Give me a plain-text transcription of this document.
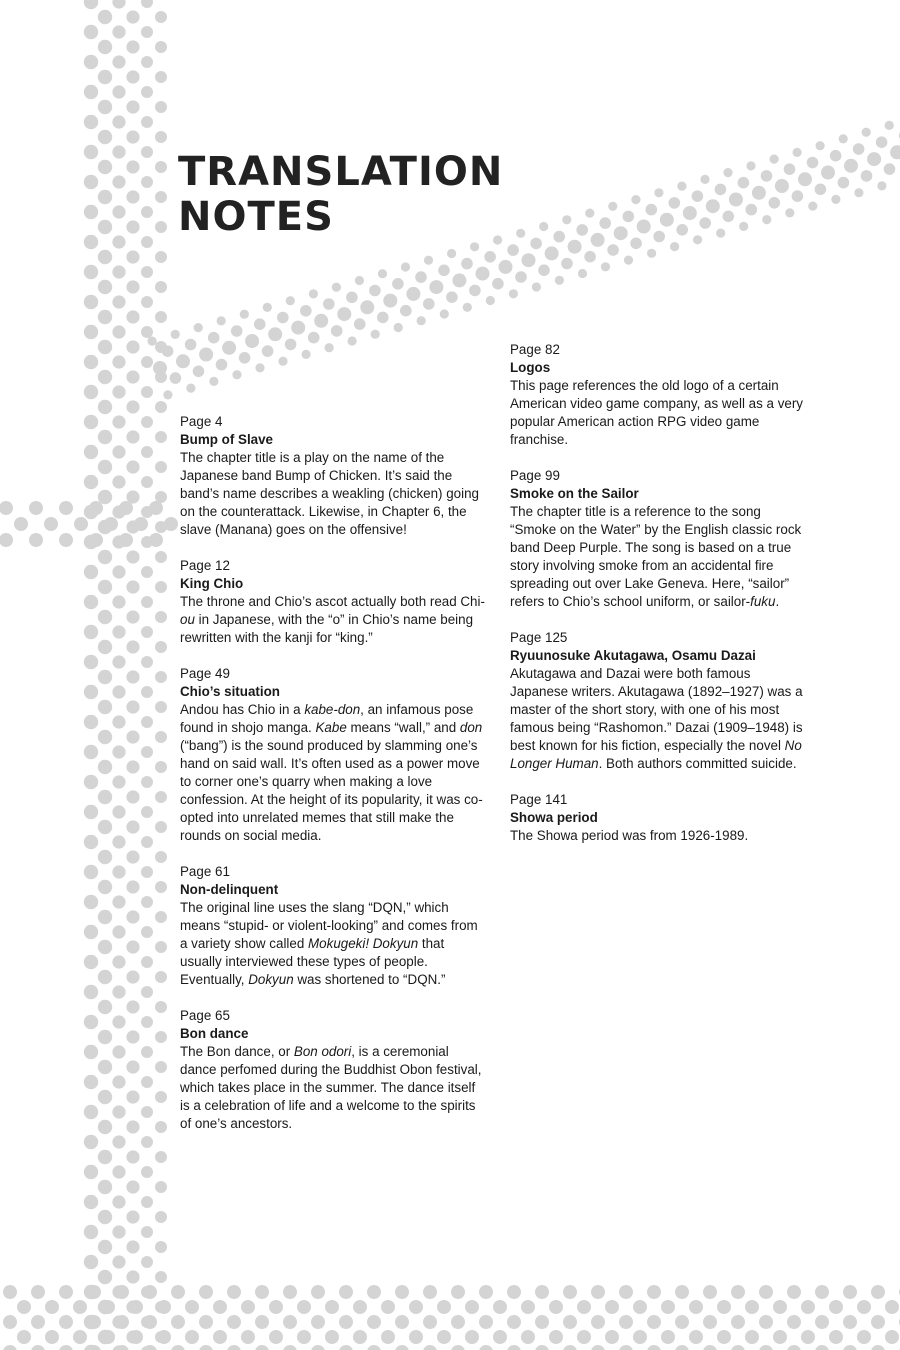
TRANSLATION
NOTES
Page 4
Bump of Slave
The chapter title is a play on the name of the Japanese band Bump of Chicken. It’s said the band’s name describes a weakling (chicken) going on the counterattack. Likewise, in Chapter 6, the slave (Manana) goes on the offensive!
Page 12
King Chio
The throne and Chio’s ascot actually both read Chi-ou in Japanese, with the “o” in Chio’s name being rewritten with the kanji for “king.”
Page 49
Chio’s situation
Andou has Chio in a kabe-don, an infamous pose found in shojo manga. Kabe means “wall,” and don (“bang”) is the sound produced by slamming one’s hand on said wall. It’s often used as a power move to corner one’s quarry when making a love confession. At the height of its popularity, it was co-opted into unrelated memes that still make the rounds on social media.
Page 61
Non-delinquent
The original line uses the slang “DQN,” which means “stupid- or violent-looking” and comes from a variety show called Mokugeki! Dokyun that usually interviewed these types of people. Eventually, Dokyun was shortened to “DQN.”
Page 65
Bon dance
The Bon dance, or Bon odori, is a ceremonial dance perfomed during the Buddhist Obon festival, which takes place in the summer. The dance itself is a celebration of life and a welcome to the spirits of one’s ancestors.
Page 82
Logos
This page references the old logo of a certain American video game company, as well as a very popular American action RPG video game franchise.
Page 99
Smoke on the Sailor
The chapter title is a reference to the song “Smoke on the Water” by the English classic rock band Deep Purple. The song is based on a true story involving smoke from an accidental fire spreading out over Lake Geneva. Here, “sailor” refers to Chio’s school uniform, or sailor-fuku.
Page 125
Ryuunosuke Akutagawa, Osamu Dazai
Akutagawa and Dazai were both famous Japanese writers. Akutagawa (1892–1927) was a master of the short story, with one of his most famous being “Rashomon.” Dazai (1909–1948) is best known for his fiction, especially the novel No Longer Human. Both authors committed suicide.
Page 141
Showa period
The Showa period was from 1926-1989.
